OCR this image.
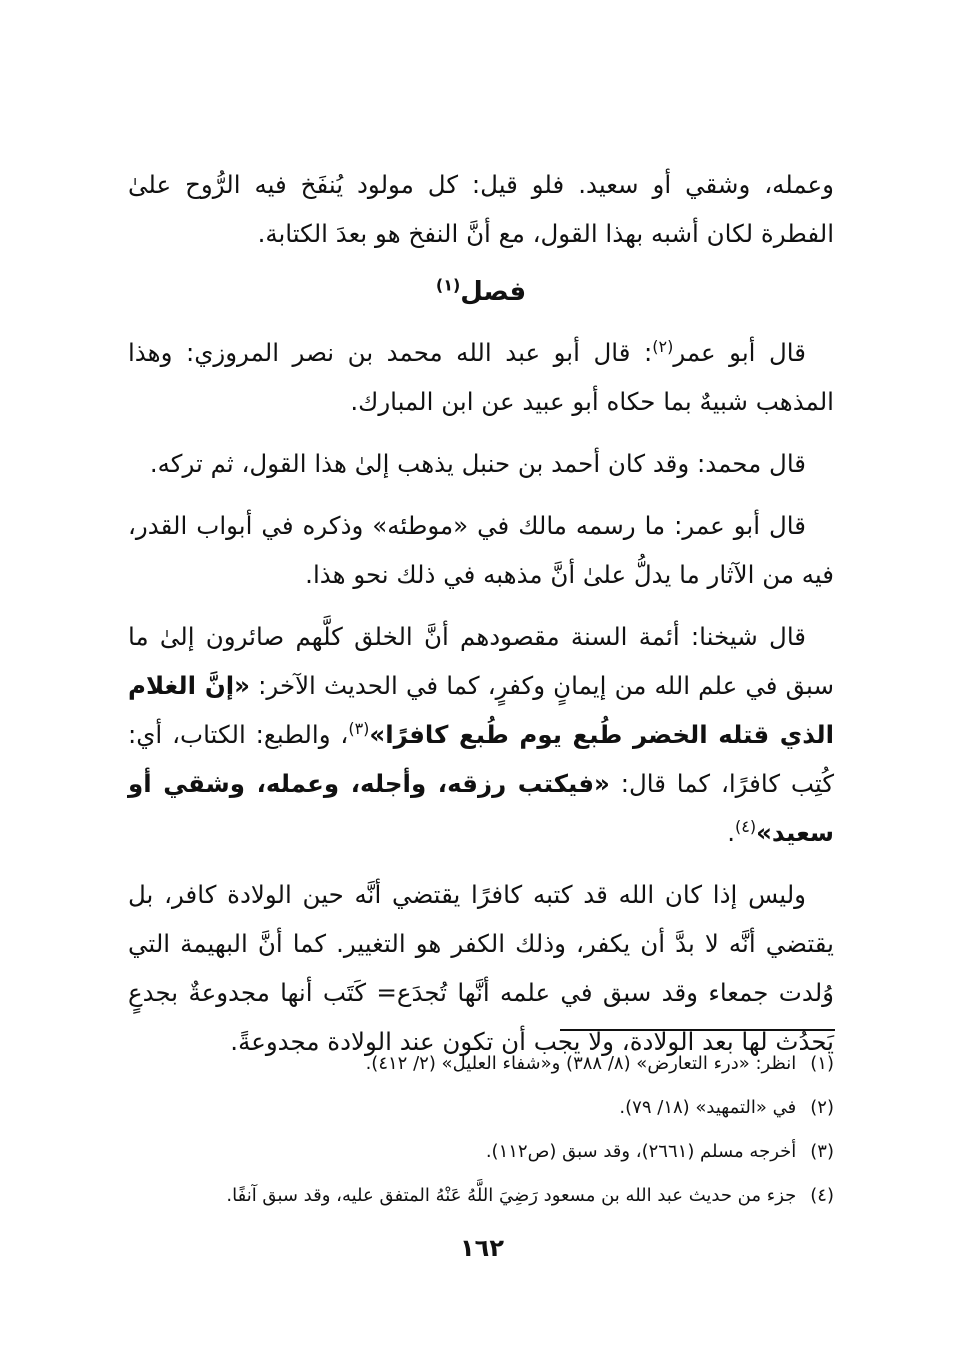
وعمله، وشقي أو سعيد. فلو قيل: كل مولود يُنفَخ فيه الرُّوح علىٰ الفطرة لكان أشبه بهذا القول، مع أنَّ النفخ هو بعدَ الكتابة.

فصل$^{(١)}$

قال أبو عمر$^{(٢)}$: قال أبو عبد الله محمد بن نصر المروزي: وهذا المذهب شبيهٌ بما حكاه أبو عبيد عن ابن المبارك.

قال محمد: وقد كان أحمد بن حنبل يذهب إلىٰ هذا القول، ثم تركه.

قال أبو عمر: ما رسمه مالك في «موطئه» وذكره في أبواب القدر، فيه من الآثار ما يدلُّ علىٰ أنَّ مذهبه في ذلك نحو هذا.

قال شيخنا: أئمة السنة مقصودهم أنَّ الخلق كلَّهم صائرون إلىٰ ما سبق في علم الله من إيمانٍ وكفرٍ، كما في الحديث الآخر: «إنَّ الغلام الذي قتله الخضر طُبع يوم طُبع كافرًا»$^{(٣)}$، والطبع: الكتاب، أي: كُتِب كافرًا، كما قال: «فيكتب رزقه، وأجله، وعمله، وشقي أو سعيد»$^{(٤)}$.

وليس إذا كان الله قد كتبه كافرًا يقتضي أنَّه حين الولادة كافر، بل يقتضي أنَّه لا بدَّ أن يكفر، وذلك الكفر هو التغيير. كما أنَّ البهيمة التي وُلدت جمعاء وقد سبق في علمه أنَّها تُجدَع= كَتَب أنها مجدوعةٌ بجدعٍ يَحدُث لها بعد الولادة، ولا يجب أن تكون عند الولادة مجدوعةً.

(١)
انظر: «درء التعارض» (٨/ ٣٨٨) و«شفاء العليل» (٢/ ٤١٢).
(٢)
في «التمهيد» (١٨/ ٧٩).
(٣)
أخرجه مسلم (٢٦٦١)، وقد سبق (ص١١٢).
(٤)
جزء من حديث عبد الله بن مسعود رَضِيَ اللَّهُ عَنْهُ المتفق عليه، وقد سبق آنفًا.
١٦٢
